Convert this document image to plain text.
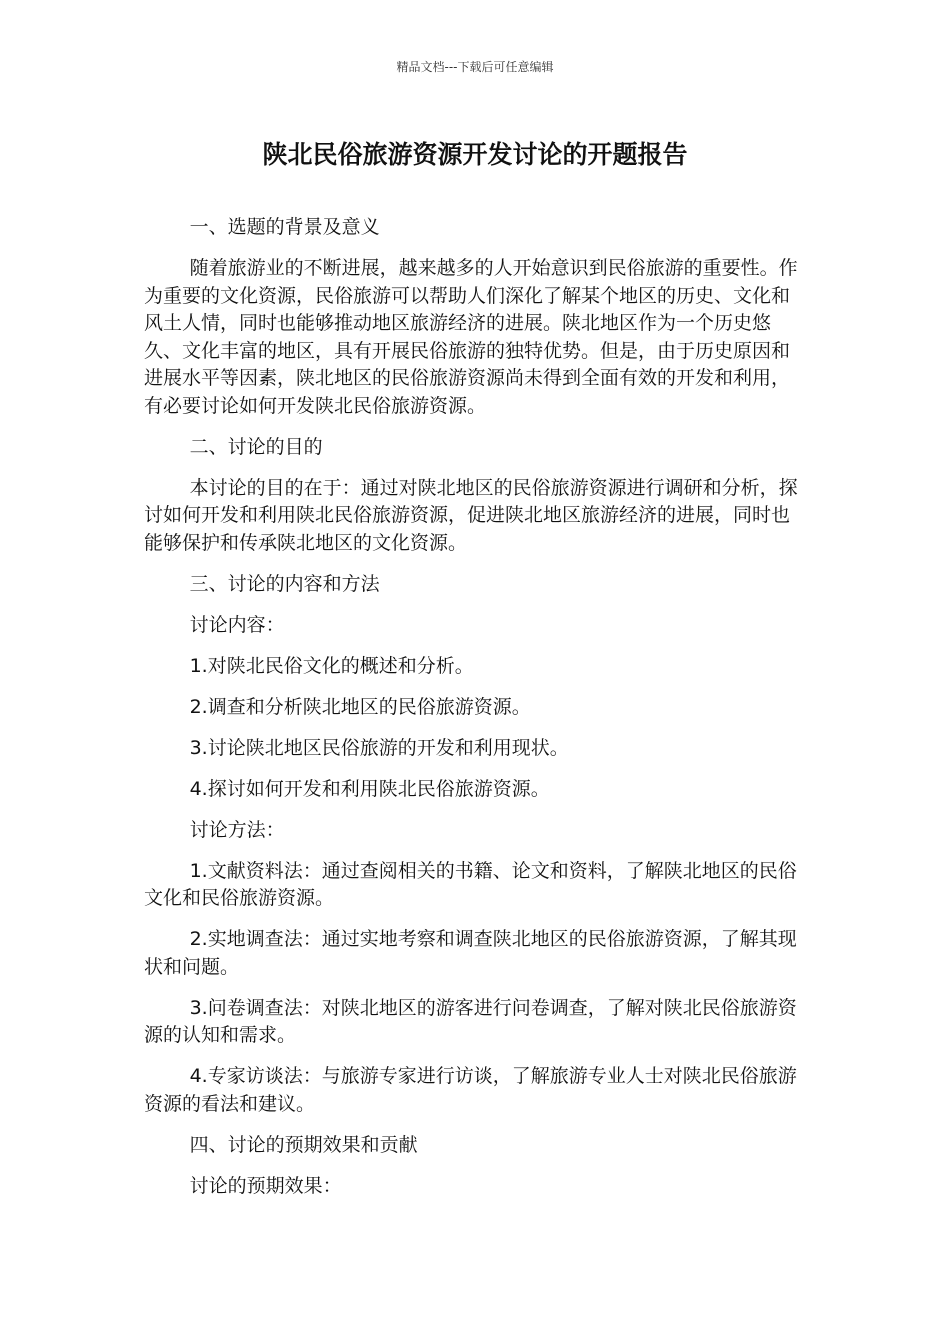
精品文档---下载后可任意编辑
陕北民俗旅游资源开发讨论的开题报告

一、选题的背景及意义

随着旅游业的不断进展，越来越多的人开始意识到民俗旅游的重要性。作为重要的文化资源，民俗旅游可以帮助人们深化了解某个地区的历史、文化和风土人情，同时也能够推动地区旅游经济的进展。陕北地区作为一个历史悠久、文化丰富的地区，具有开展民俗旅游的独特优势。但是，由于历史原因和进展水平等因素，陕北地区的民俗旅游资源尚未得到全面有效的开发和利用，有必要讨论如何开发陕北民俗旅游资源。

二、讨论的目的

本讨论的目的在于：通过对陕北地区的民俗旅游资源进行调研和分析，探讨如何开发和利用陕北民俗旅游资源，促进陕北地区旅游经济的进展，同时也能够保护和传承陕北地区的文化资源。

三、讨论的内容和方法

讨论内容：

1.对陕北民俗文化的概述和分析。

2.调查和分析陕北地区的民俗旅游资源。

3.讨论陕北地区民俗旅游的开发和利用现状。

4.探讨如何开发和利用陕北民俗旅游资源。

讨论方法：

1.文献资料法：通过查阅相关的书籍、论文和资料，了解陕北地区的民俗文化和民俗旅游资源。

2.实地调查法：通过实地考察和调查陕北地区的民俗旅游资源，了解其现状和问题。

3.问卷调查法：对陕北地区的游客进行问卷调查，了解对陕北民俗旅游资源的认知和需求。

4.专家访谈法：与旅游专家进行访谈，了解旅游专业人士对陕北民俗旅游资源的看法和建议。

四、讨论的预期效果和贡献

讨论的预期效果：
